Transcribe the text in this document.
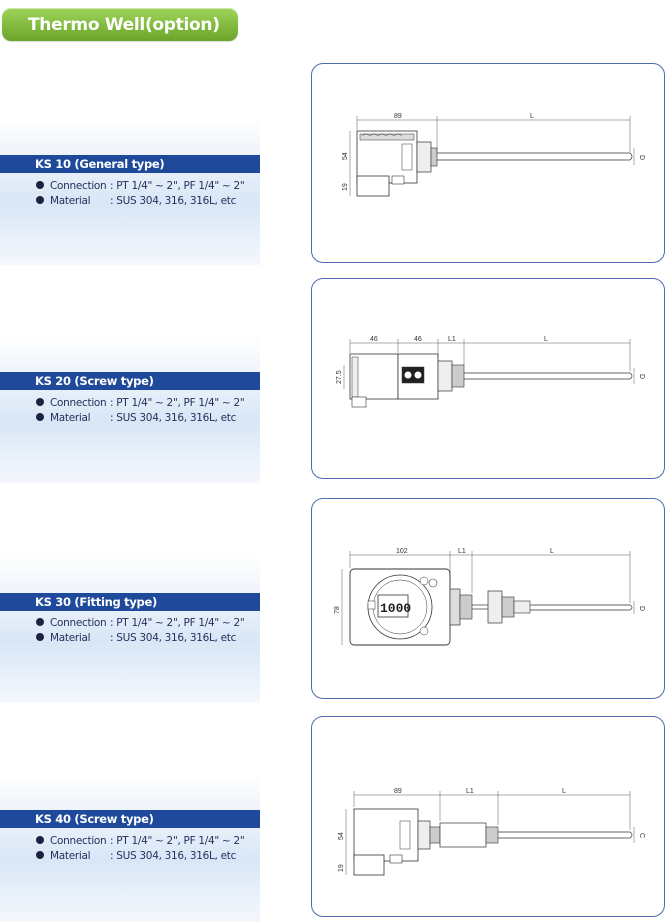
Thermo Well(option)
KS 10 (General type)
Connection : PT 1/4" ~ 2", PF 1/4" ~ 2"
Material : SUS 304, 316, 316L, etc
89	L
54
19
D
KS 20 (Screw type)
Connection : PT 1/4" ~ 2", PF 1/4" ~ 2"
Material : SUS 304, 316, 316L, etc
46	46	L1	L
27.5	D
KS 30 (Fitting type)
Connection : PT 1/4" ~ 2", PF 1/4" ~ 2"
Material : SUS 304, 316, 316L, etc
1000
102	L1	L
78	D
KS 40 (Screw type)
Connection : PT 1/4" ~ 2", PF 1/4" ~ 2"
Material : SUS 304, 316, 316L, etc
89	L1	L
54
19
C
